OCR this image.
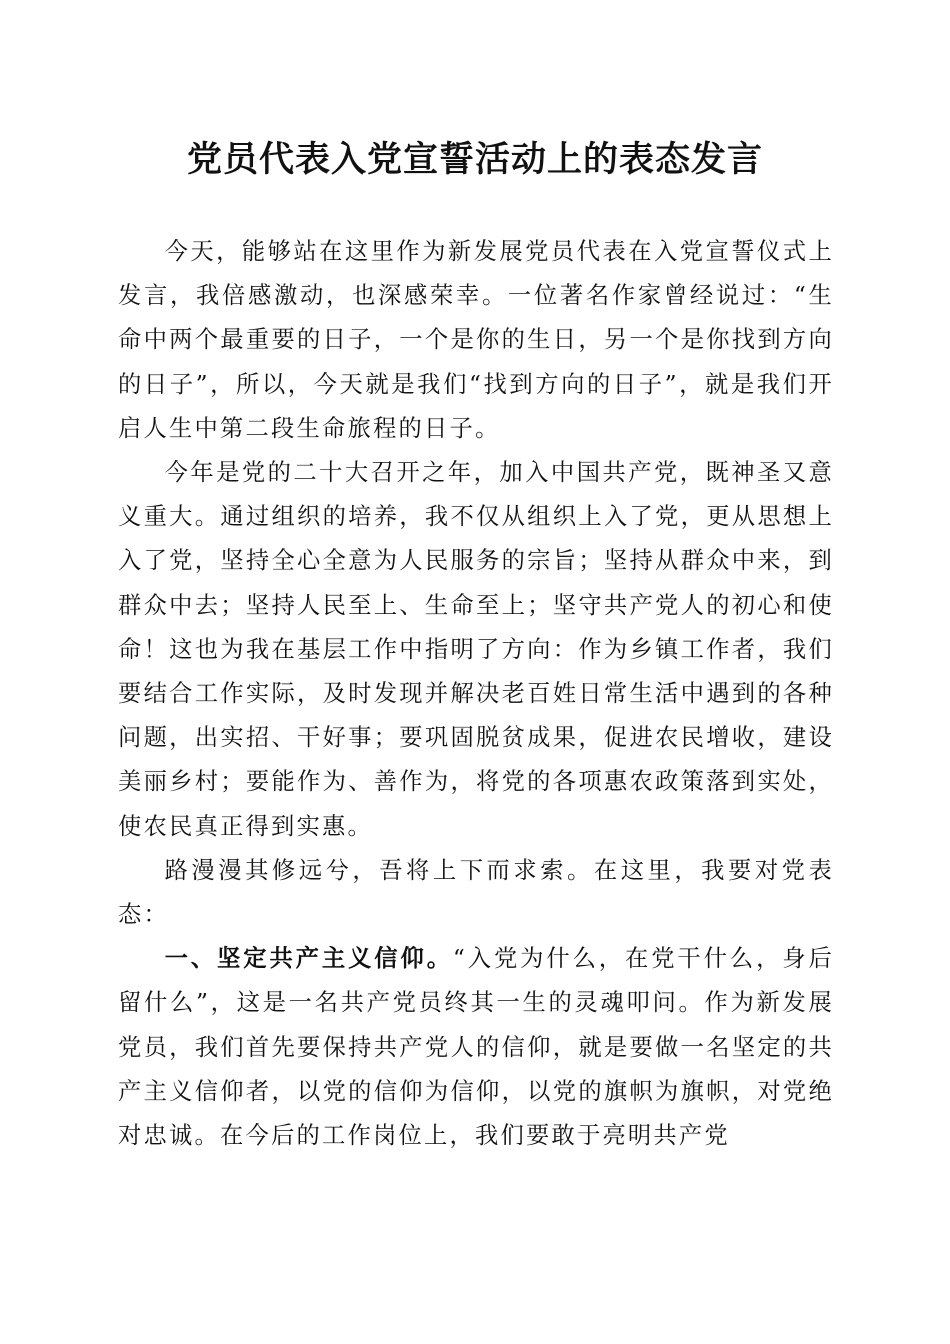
党员代表入党宣誓活动上的表态发言

今天，能够站在这里作为新发展党员代表在入党宣誓仪式上发言，我倍感激动，也深感荣幸。一位著名作家曾经说过：“生命中两个最重要的日子，一个是你的生日，另一个是你找到方向的日子”，所以，今天就是我们“找到方向的日子”，就是我们开启人生中第二段生命旅程的日子。

今年是党的二十大召开之年，加入中国共产党，既神圣又意义重大。通过组织的培养，我不仅从组织上入了党，更从思想上入了党，坚持全心全意为人民服务的宗旨；坚持从群众中来，到群众中去；坚持人民至上、生命至上；坚守共产党人的初心和使命！这也为我在基层工作中指明了方向：作为乡镇工作者，我们要结合工作实际，及时发现并解决老百姓日常生活中遇到的各种问题，出实招、干好事；要巩固脱贫成果，促进农民增收，建设美丽乡村；要能作为、善作为，将党的各项惠农政策落到实处，使农民真正得到实惠。

路漫漫其修远兮，吾将上下而求索。在这里，我要对党表态：

一、坚定共产主义信仰。“入党为什么，在党干什么，身后留什么”，这是一名共产党员终其一生的灵魂叩问。作为新发展党员，我们首先要保持共产党人的信仰，就是要做一名坚定的共产主义信仰者，以党的信仰为信仰，以党的旗帜为旗帜，对党绝对忠诚。在今后的工作岗位上，我们要敢于亮明共产党
